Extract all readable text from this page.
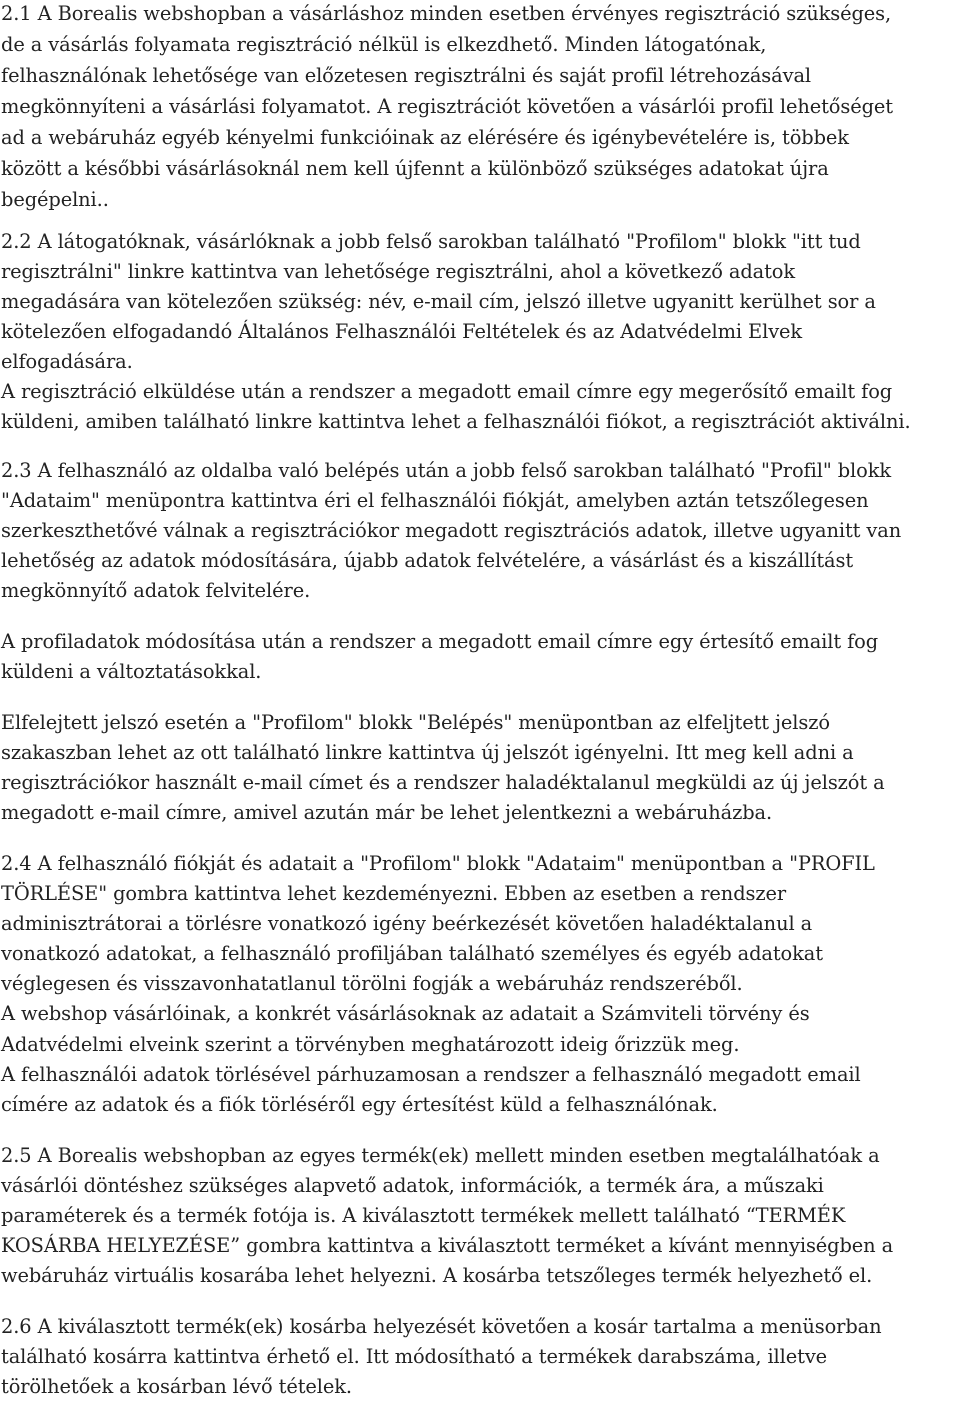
2.1 A Borealis webshopban a vásárláshoz minden esetben érvényes regisztráció szükséges,
de a vásárlás folyamata regisztráció nélkül is elkezdhető. Minden látogatónak,
felhasználónak lehetősége van előzetesen regisztrálni és saját profil létrehozásával
megkönnyíteni a vásárlási folyamatot. A regisztrációt követően a vásárlói profil lehetőséget
ad a webáruház egyéb kényelmi funkcióinak az elérésére és igénybevételére is, többek
között a későbbi vásárlásoknál nem kell újfennt a különböző szükséges adatokat újra
begépelni..
2.2 A látogatóknak, vásárlóknak a jobb felső sarokban található "Profilom" blokk "itt tud
regisztrálni" linkre kattintva van lehetősége regisztrálni, ahol a következő adatok
megadására van kötelezően szükség: név, e-mail cím, jelszó illetve ugyanitt kerülhet sor a
kötelezően elfogadandó Általános Felhasználói Feltételek és az Adatvédelmi Elvek
elfogadására.
A regisztráció elküldése után a rendszer a megadott email címre egy megerősítő emailt fog
küldeni, amiben található linkre kattintva lehet a felhasználói fiókot, a regisztrációt aktiválni.
2.3 A felhasználó az oldalba való belépés után a jobb felső sarokban található "Profil" blokk
"Adataim" menüpontra kattintva éri el felhasználói fiókját, amelyben aztán tetszőlegesen
szerkeszthetővé válnak a regisztrációkor megadott regisztrációs adatok, illetve ugyanitt van
lehetőség az adatok módosítására, újabb adatok felvételére, a vásárlást és a kiszállítást
megkönnyítő adatok felvitelére.
A profiladatok módosítása után a rendszer a megadott email címre egy értesítő emailt fog
küldeni a változtatásokkal.
Elfelejtett jelszó esetén a "Profilom" blokk "Belépés" menüpontban az elfeljtett jelszó
szakaszban lehet az ott található linkre kattintva új jelszót igényelni. Itt meg kell adni a
regisztrációkor használt e-mail címet és a rendszer haladéktalanul megküldi az új jelszót a
megadott e-mail címre, amivel azután már be lehet jelentkezni a webáruházba.
2.4 A felhasználó fiókját és adatait a "Profilom" blokk "Adataim" menüpontban a "PROFIL
TÖRLÉSE" gombra kattintva lehet kezdeményezni. Ebben az esetben a rendszer
adminisztrátorai a törlésre vonatkozó igény beérkezését követően haladéktalanul a
vonatkozó adatokat, a felhasználó profiljában található személyes és egyéb adatokat
véglegesen és visszavonhatatlanul törölni fogják a webáruház rendszeréből.
A webshop vásárlóinak, a konkrét vásárlásoknak az adatait a Számviteli törvény és
Adatvédelmi elveink szerint a törvényben meghatározott ideig őrizzük meg.
A felhasználói adatok törlésével párhuzamosan a rendszer a felhasználó megadott email
címére az adatok és a fiók törléséről egy értesítést küld a felhasználónak.
2.5 A Borealis webshopban az egyes termék(ek) mellett minden esetben megtalálhatóak a
vásárlói döntéshez szükséges alapvető adatok, információk, a termék ára, a műszaki
paraméterek és a termék fotója is. A kiválasztott termékek mellett található “TERMÉK
KOSÁRBA HELYEZÉSE” gombra kattintva a kiválasztott terméket a kívánt mennyiségben a
webáruház virtuális kosarába lehet helyezni. A kosárba tetszőleges termék helyezhető el.
2.6 A kiválasztott termék(ek) kosárba helyezését követően a kosár tartalma a menüsorban
található kosárra kattintva érhető el. Itt módosítható a termékek darabszáma, illetve
törölhetőek a kosárban lévő tételek.
